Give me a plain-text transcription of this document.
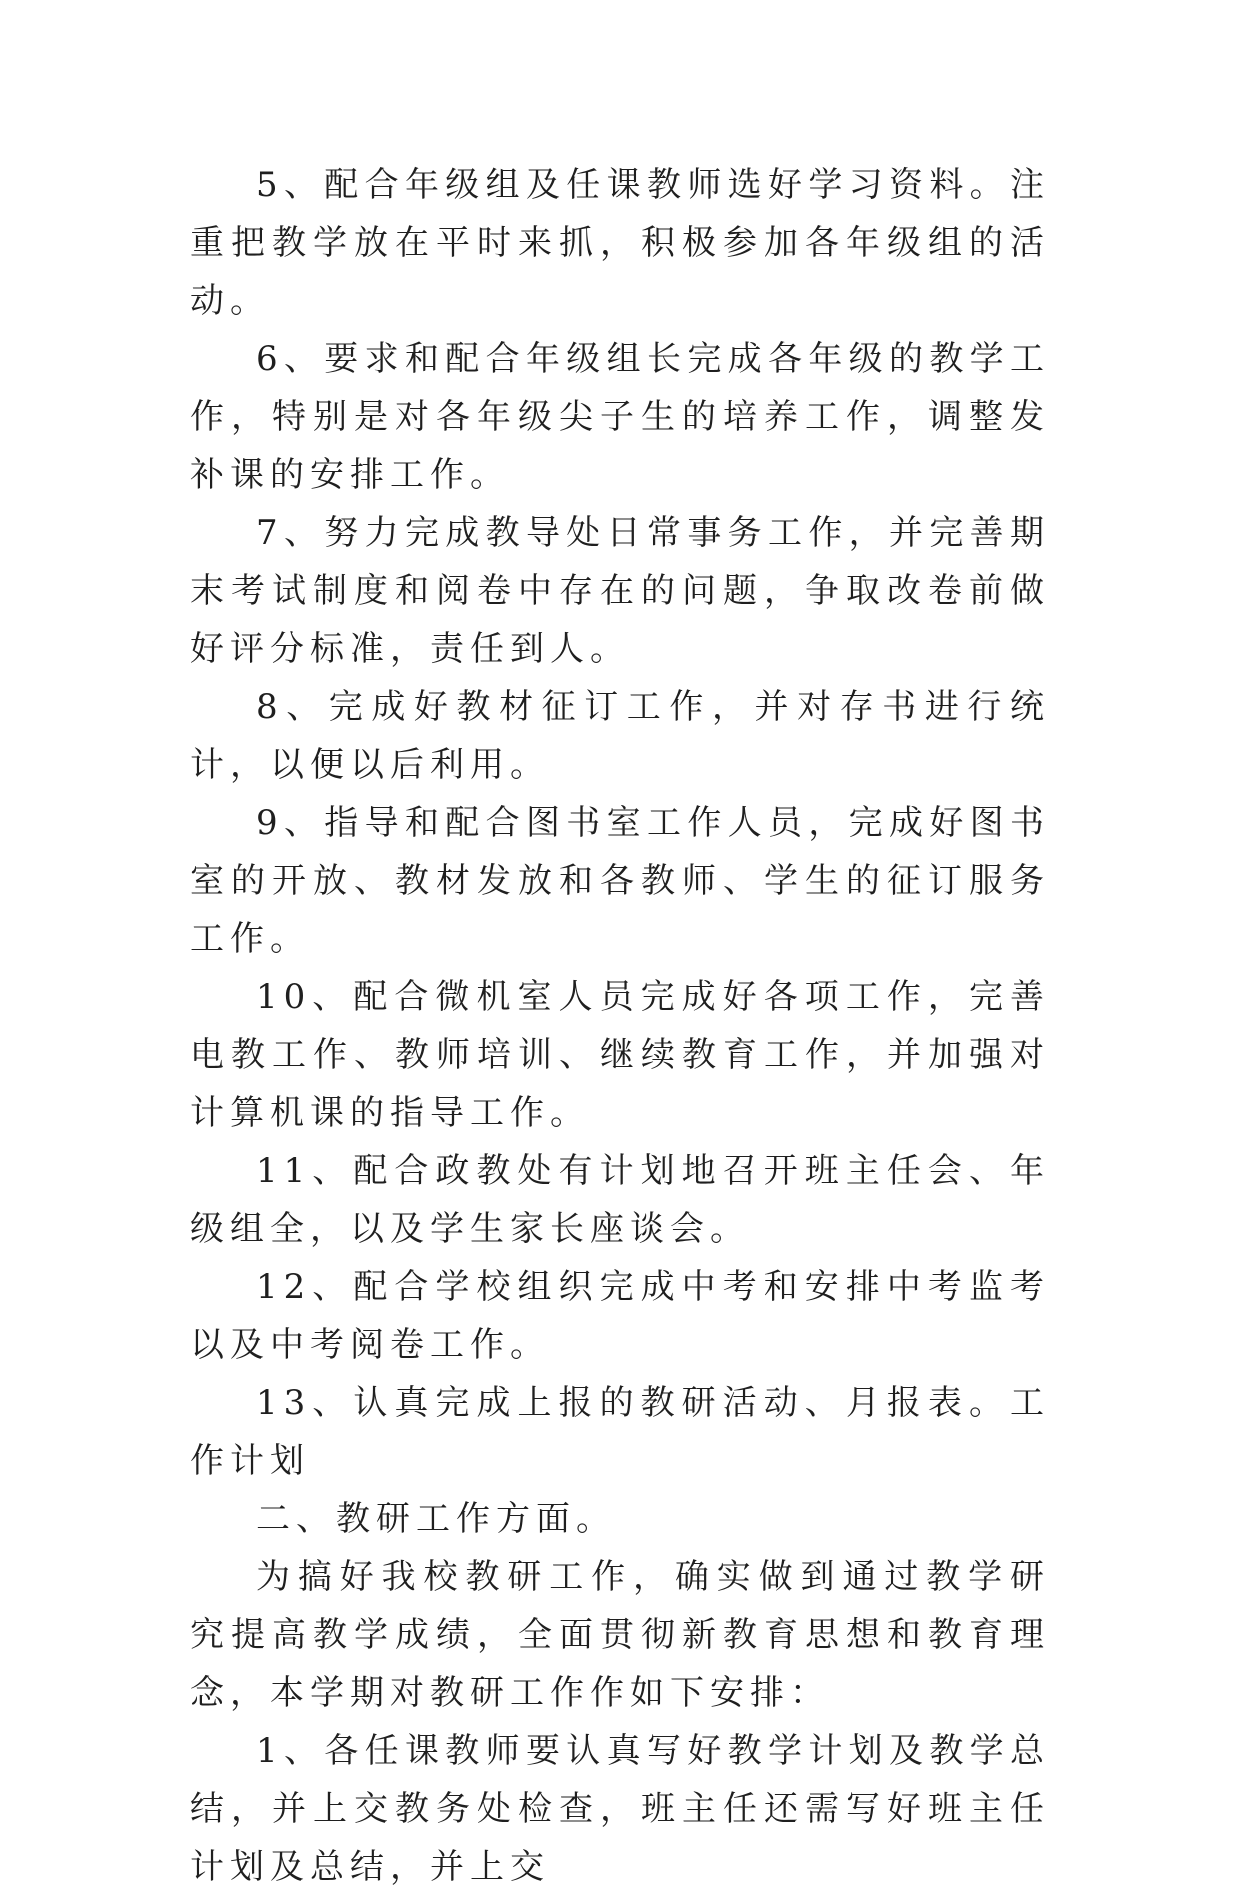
5、配合年级组及任课教师选好学习资料。注重把教学放在平时来抓，积极参加各年级组的活动。

6、要求和配合年级组长完成各年级的教学工作，特别是对各年级尖子生的培养工作，调整发补课的安排工作。

7、努力完成教导处日常事务工作，并完善期末考试制度和阅卷中存在的问题，争取改卷前做好评分标准，责任到人。

8、完成好教材征订工作，并对存书进行统计，以便以后利用。

9、指导和配合图书室工作人员，完成好图书室的开放、教材发放和各教师、学生的征订服务工作。

10、配合微机室人员完成好各项工作，完善电教工作、教师培训、继续教育工作，并加强对计算机课的指导工作。

11、配合政教处有计划地召开班主任会、年级组全，以及学生家长座谈会。

12、配合学校组织完成中考和安排中考监考以及中考阅卷工作。

13、认真完成上报的教研活动、月报表。工作计划

二、教研工作方面。

为搞好我校教研工作，确实做到通过教学研究提高教学成绩，全面贯彻新教育思想和教育理念，本学期对教研工作作如下安排：

1、各任课教师要认真写好教学计划及教学总结，并上交教务处检查，班主任还需写好班主任计划及总结，并上交
